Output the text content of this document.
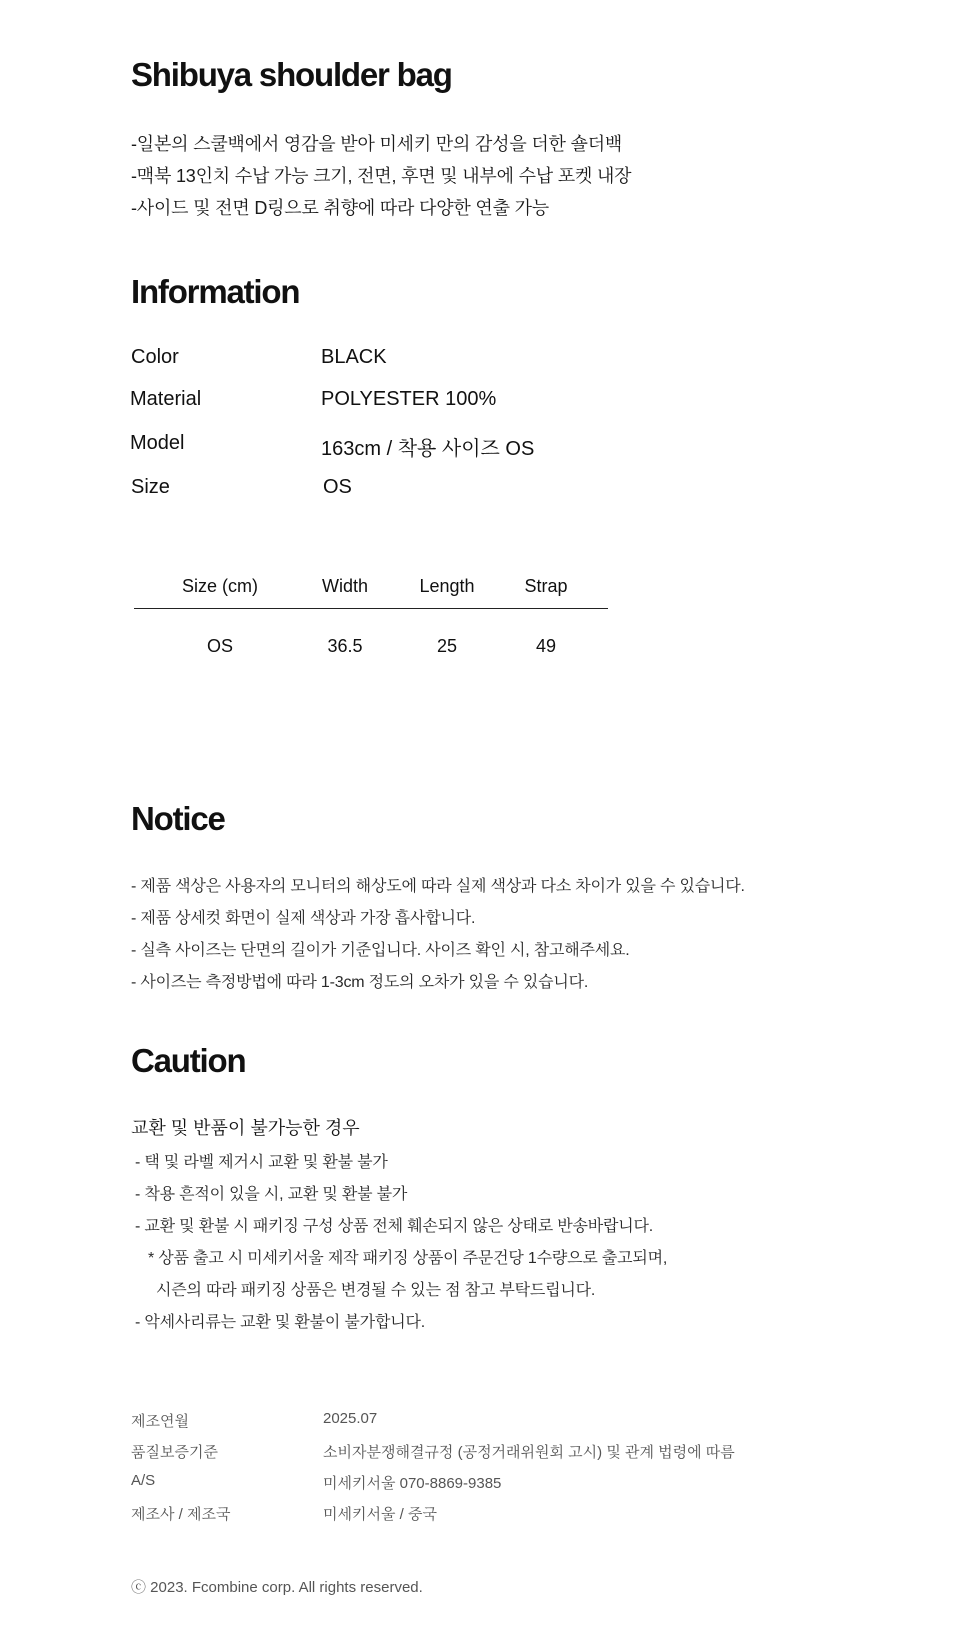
Shibuya shoulder bag
-일본의 스쿨백에서 영감을 받아 미세키 만의 감성을 더한 숄더백
-맥북 13인치 수납 가능 크기, 전면, 후면 및 내부에 수납 포켓 내장
-사이드 및 전면 D링으로 취향에 따라 다양한 연출 가능
Information
Color	BLACK
Material	POLYESTER 100%
Model	163cm / 착용 사이즈 OS
Size	OS
Size (cm)	Width	Length	Strap
OS	36.5	25	49
Notice
- 제품 색상은 사용자의 모니터의 해상도에 따라 실제 색상과 다소 차이가 있을 수 있습니다.
- 제품 상세컷 화면이 실제 색상과 가장 흡사합니다.
- 실측 사이즈는 단면의 길이가 기준입니다. 사이즈 확인 시, 참고해주세요.
- 사이즈는 측정방법에 따라 1-3cm 정도의 오차가 있을 수 있습니다.
Caution
교환 및 반품이 불가능한 경우
- 택 및 라벨 제거시 교환 및 환불 불가
- 착용 흔적이 있을 시, 교환 및 환불 불가
- 교환 및 환불 시 패키징 구성 상품 전체 훼손되지 않은 상태로 반송바랍니다.
* 상품 출고 시 미세키서울 제작 패키징 상품이 주문건당 1수량으로 출고되며,
시즌의 따라 패키징 상품은 변경될 수 있는 점 참고 부탁드립니다.
- 악세사리류는 교환 및 환불이 불가합니다.
제조연월	2025.07
품질보증기준	소비자분쟁해결규정 (공정거래위원회 고시) 및 관계 법령에 따름
A/S	미세키서울 070-8869-9385
제조사 / 제조국	미세키서울 / 중국
ⓒ 2023. Fcombine corp. All rights reserved.
